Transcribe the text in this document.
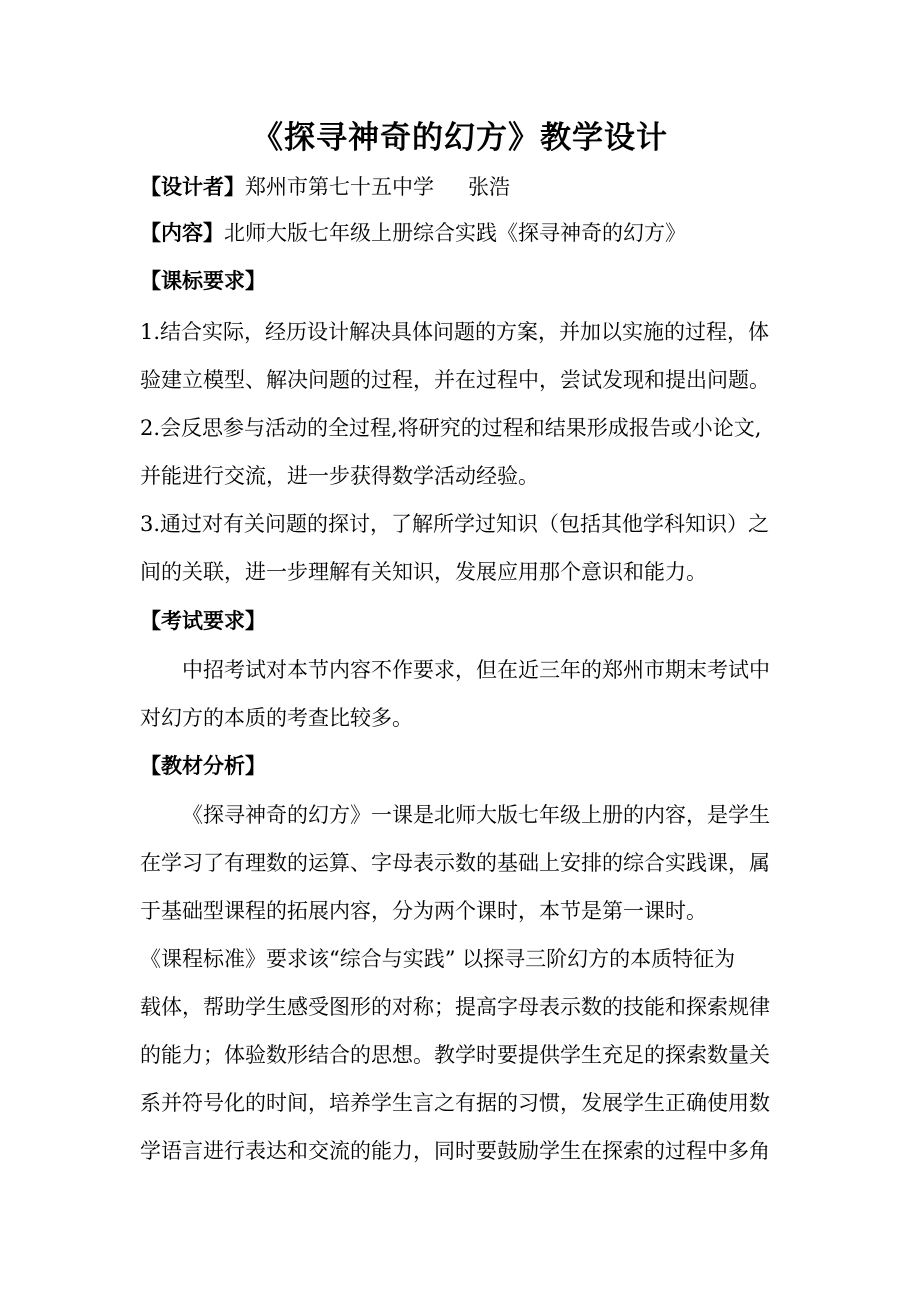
《探寻神奇的幻方》教学设计
【设计者】郑州市第七十五中学 张浩
【内容】北师大版七年级上册综合实践《探寻神奇的幻方》
【课标要求】
1.结合实际，经历设计解决具体问题的方案，并加以实施的过程，体
验建立模型、解决问题的过程，并在过程中，尝试发现和提出问题。
2.会反思参与活动的全过程,将研究的过程和结果形成报告或小论文,
并能进行交流，进一步获得数学活动经验。
3.通过对有关问题的探讨，了解所学过知识（包括其他学科知识）之
间的关联，进一步理解有关知识，发展应用那个意识和能力。
【考试要求】
中招考试对本节内容不作要求，但在近三年的郑州市期末考试中
对幻方的本质的考查比较多。
【教材分析】
《探寻神奇的幻方》一课是北师大版七年级上册的内容，是学生
在学习了有理数的运算、字母表示数的基础上安排的综合实践课，属
于基础型课程的拓展内容，分为两个课时，本节是第一课时。
《课程标准》要求该“综合与实践” 以探寻三阶幻方的本质特征为
载体，帮助学生感受图形的对称；提高字母表示数的技能和探索规律
的能力；体验数形结合的思想。教学时要提供学生充足的探索数量关
系并符号化的时间，培养学生言之有据的习惯，发展学生正确使用数
学语言进行表达和交流的能力，同时要鼓励学生在探索的过程中多角
